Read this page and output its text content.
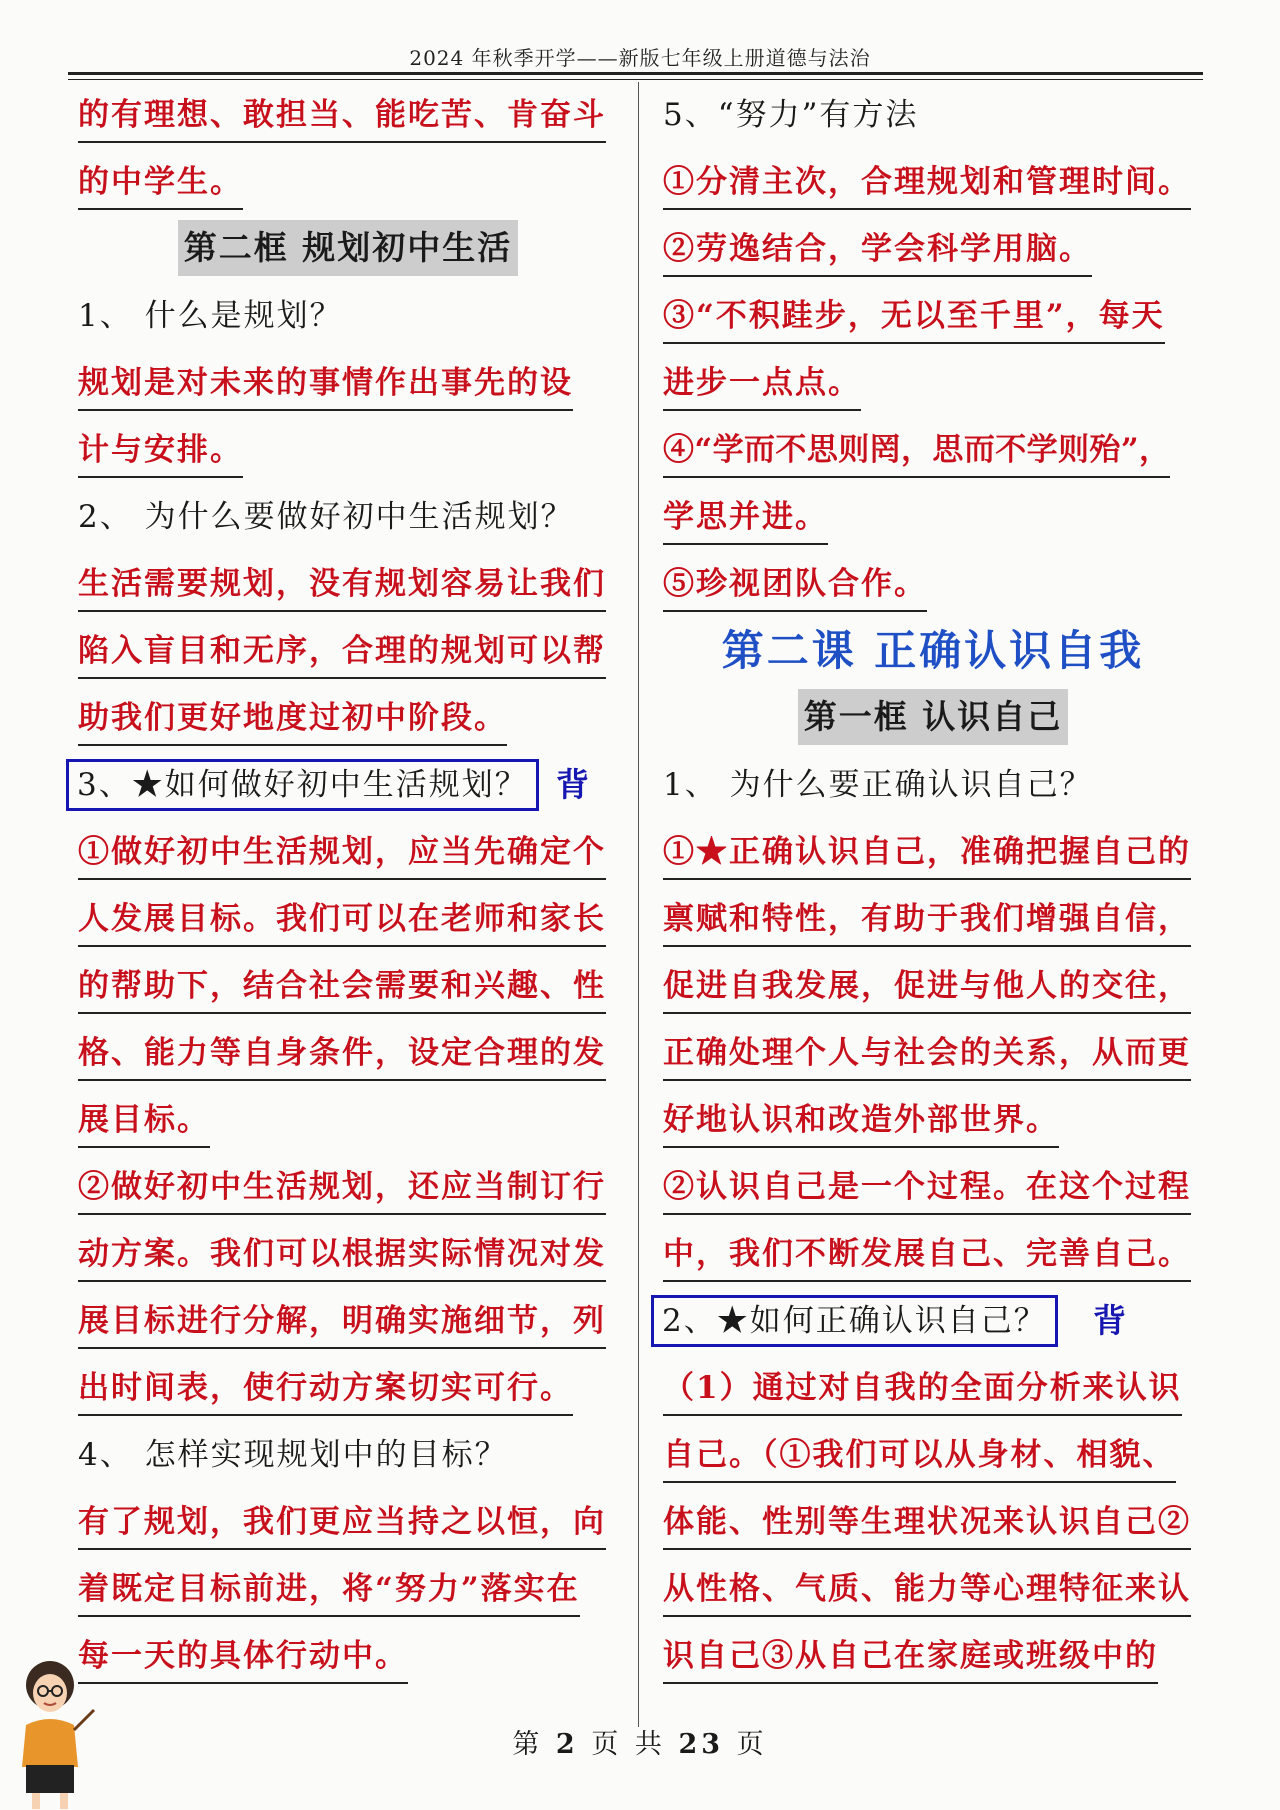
2024 年秋季开学——新版七年级上册道德与法治
的有理想、敢担当、能吃苦、肯奋斗
的中学生。
第二框 规划初中生活
1、 什么是规划？
规划是对未来的事情作出事先的设
计与安排。
2、 为什么要做好初中生活规划？
生活需要规划，没有规划容易让我们
陷入盲目和无序，合理的规划可以帮
助我们更好地度过初中阶段。
3、★如何做好初中生活规划？ 背
①做好初中生活规划，应当先确定个
人发展目标。我们可以在老师和家长
的帮助下，结合社会需要和兴趣、性
格、能力等自身条件，设定合理的发
展目标。
②做好初中生活规划，还应当制订行
动方案。我们可以根据实际情况对发
展目标进行分解，明确实施细节，列
出时间表，使行动方案切实可行。
4、 怎样实现规划中的目标？
有了规划，我们更应当持之以恒，向
着既定目标前进，将“努力”落实在
每一天的具体行动中。
5、“努力”有方法
①分清主次，合理规划和管理时间。
②劳逸结合，学会科学用脑。
③“不积跬步，无以至千里”，每天
进步一点点。
④“学而不思则罔，思而不学则殆”，
学思并进。
⑤珍视团队合作。
第二课 正确认识自我
第一框 认识自己
1、 为什么要正确认识自己？
①★正确认识自己，准确把握自己的
禀赋和特性，有助于我们增强自信，
促进自我发展，促进与他人的交往，
正确处理个人与社会的关系，从而更
好地认识和改造外部世界。
②认识自己是一个过程。在这个过程
中，我们不断发展自己、完善自己。
2、★如何正确认识自己？ 背
（1）通过对自我的全面分析来认识
自己。（①我们可以从身材、相貌、
体能、性别等生理状况来认识自己②
从性格、气质、能力等心理特征来认
识自己③从自己在家庭或班级中的
第 2 页 共 23 页
